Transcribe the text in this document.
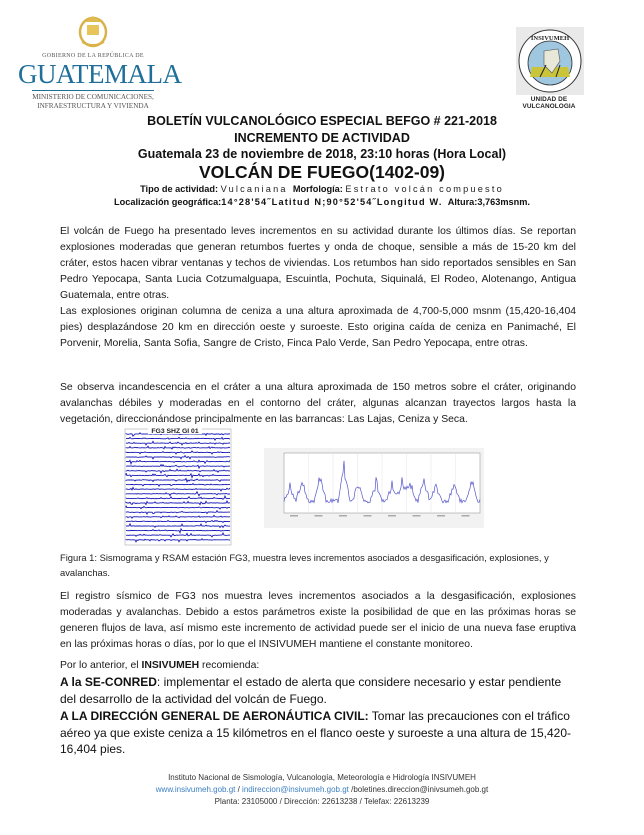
GOBIERNO DE LA REPÚBLICA DE
GUATEMALA
MINISTERIO DE COMUNICACIONES,
INFRAESTRUCTURA Y VIVIENDA
INSIVUMEH
UNIDAD DE VULCANOLOGIA
BOLETÍN VULCANOLÓGICO ESPECIAL BEFGO # 221-2018
INCREMENTO DE ACTIVIDAD
Guatemala 23 de noviembre de 2018, 23:10 horas (Hora Local)
VOLCÁN DE FUEGO(1402-09)
Tipo de actividad: Vulcaniana Morfología: Estrato volcán compuesto
Localización geográfica:14°28'54˝Latitud N;90°52'54˝Longitud W. Altura:3,763msnm.
El volcán de Fuego ha presentado leves incrementos en su actividad durante los últimos días. Se reportan explosiones moderadas que generan retumbos fuertes y onda de choque, sensible a más de 15-20 km del cráter, estos hacen vibrar ventanas y techos de viviendas. Los retumbos han sido reportados sensibles en San Pedro Yepocapa, Santa Lucia Cotzumalguapa, Escuintla, Pochuta, Siquinalá, El Rodeo, Alotenango, Antigua Guatemala, entre otras.
Las explosiones originan columna de ceniza a una altura aproximada de 4,700-5,000 msnm (15,420-16,404 pies) desplazándose 20 km en dirección oeste y suroeste. Esto origina caída de ceniza en Panimaché, El Porvenir, Morelia, Santa Sofia, Sangre de Cristo, Finca Palo Verde, San Pedro Yepocapa, entre otras.
Se observa incandescencia en el cráter a una altura aproximada de 150 metros sobre el cráter, originando avalanchas débiles y moderadas en el contorno del cráter, algunas alcanzan trayectos largos hasta la vegetación, direccionándose principalmente en las barrancas: Las Lajas, Ceniza y Seca.
FG3 SHZ GI 01
Figura 1: Sismograma y RSAM estación FG3, muestra leves incrementos asociados a desgasificación, explosiones, y avalanchas.
El registro sísmico de FG3 nos muestra leves incrementos asociados a la desgasificación, explosiones moderadas y avalanchas. Debido a estos parámetros existe la posibilidad de que en las próximas horas se generen flujos de lava, así mismo este incremento de actividad puede ser el inicio de una nueva fase eruptiva en las próximas horas o días, por lo que el INSIVUMEH mantiene el constante monitoreo.
Por lo anterior, el INSIVUMEH recomienda:
A la SE-CONRED: implementar el estado de alerta que considere necesario y estar pendiente del desarrollo de la actividad del volcán de Fuego.
A LA DIRECCIÓN GENERAL DE AERONÁUTICA CIVIL: Tomar las precauciones con el tráfico aéreo ya que existe ceniza a 15 kilómetros en el flanco oeste y suroeste a una altura de 15,420-16,404 pies.
Instituto Nacional de Sismología, Vulcanología, Meteorología e Hidrología INSIVUMEH
www.insivumeh.gob.gt / indireccion@insivumeh.gob.gt /boletines.direccion@inivsumeh.gob.gt
Planta: 23105000 / Dirección: 22613238 / Telefax: 22613239
